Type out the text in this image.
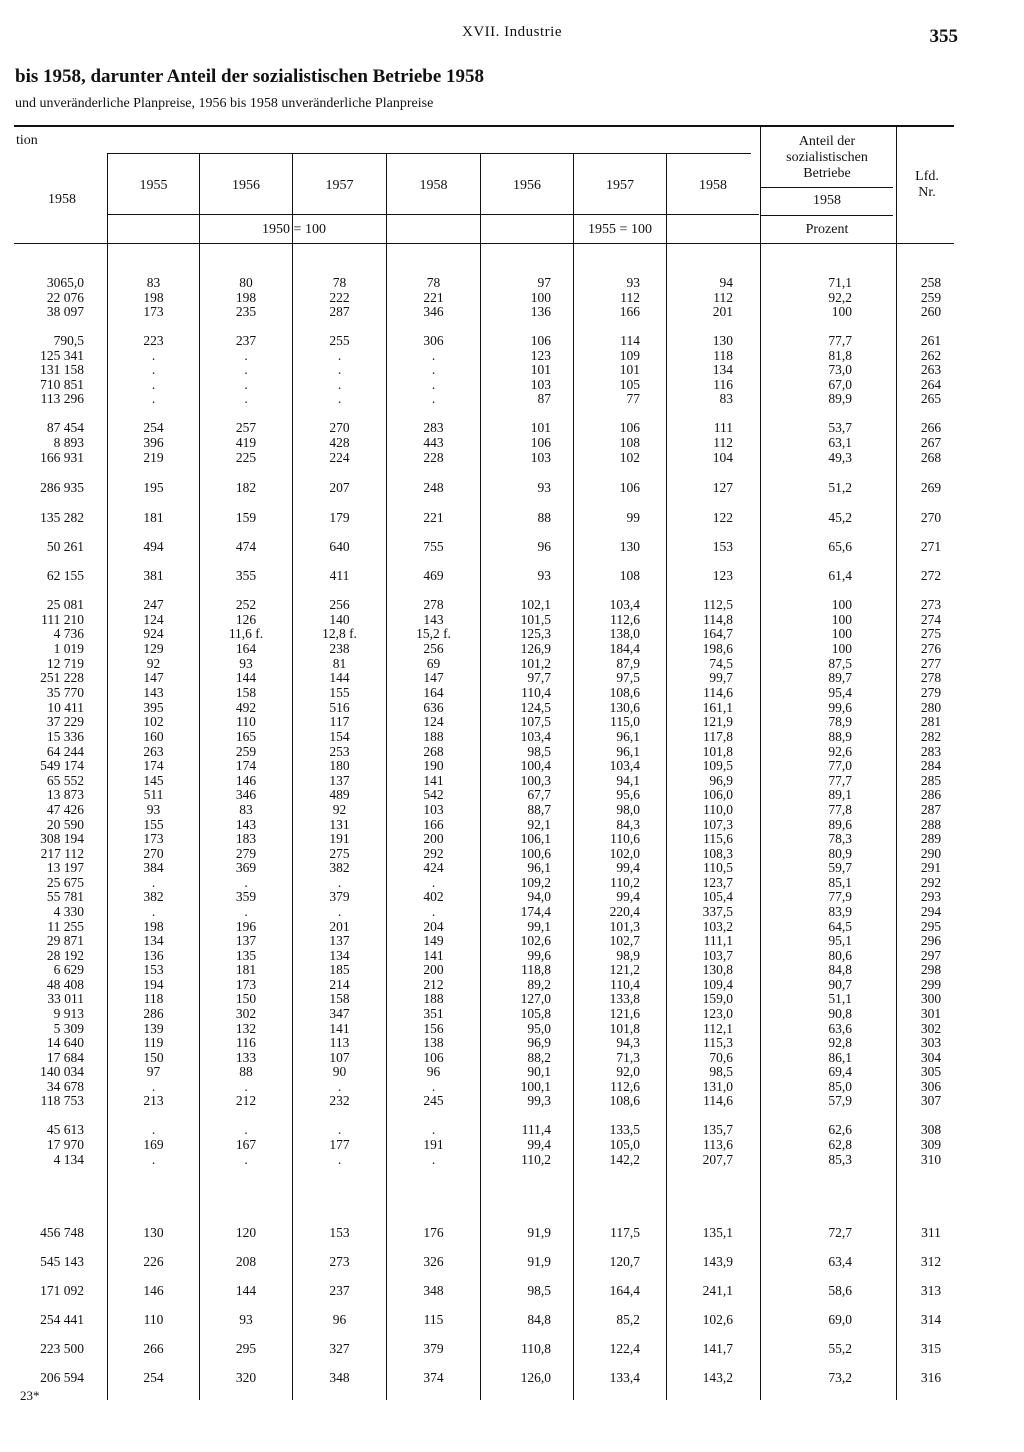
XVII. Industrie	355
bis 1958, darunter Anteil der sozialistischen Betriebe 1958
und unveränderliche Planpreise, 1956 bis 1958 unveränderliche Planpreise
tion
1958
1955	1956	1957	1958	1956	1957	1958
1950 = 100	1955 = 100
Anteil der sozialistischen Betriebe
1958
Prozent
Lfd. Nr.
3065,0	83	80	78	78	97	93	94	71,1	258
22 076	198	198	222	221	100	112	112	92,2	259
38 097	173	235	287	346	136	166	201	100	260
790,5	223	237	255	306	106	114	130	77,7	261
125 341	.	.	.	.	123	109	118	81,8	262
131 158	.	.	.	.	101	101	134	73,0	263
710 851	.	.	.	.	103	105	116	67,0	264
113 296	.	.	.	.	87	77	83	89,9	265
87 454	254	257	270	283	101	106	111	53,7	266
8 893	396	419	428	443	106	108	112	63,1	267
166 931	219	225	224	228	103	102	104	49,3	268
286 935	195	182	207	248	93	106	127	51,2	269
135 282	181	159	179	221	88	99	122	45,2	270
50 261	494	474	640	755	96	130	153	65,6	271
62 155	381	355	411	469	93	108	123	61,4	272
25 081	247	252	256	278	102,1	103,4	112,5	100	273
111 210	124	126	140	143	101,5	112,6	114,8	100	274
4 736	924	11,6 f.	12,8 f.	15,2 f.	125,3	138,0	164,7	100	275
1 019	129	164	238	256	126,9	184,4	198,6	100	276
12 719	92	93	81	69	101,2	87,9	74,5	87,5	277
251 228	147	144	144	147	97,7	97,5	99,7	89,7	278
35 770	143	158	155	164	110,4	108,6	114,6	95,4	279
10 411	395	492	516	636	124,5	130,6	161,1	99,6	280
37 229	102	110	117	124	107,5	115,0	121,9	78,9	281
15 336	160	165	154	188	103,4	96,1	117,8	88,9	282
64 244	263	259	253	268	98,5	96,1	101,8	92,6	283
549 174	174	174	180	190	100,4	103,4	109,5	77,0	284
65 552	145	146	137	141	100,3	94,1	96,9	77,7	285
13 873	511	346	489	542	67,7	95,6	106,0	89,1	286
47 426	93	83	92	103	88,7	98,0	110,0	77,8	287
20 590	155	143	131	166	92,1	84,3	107,3	89,6	288
308 194	173	183	191	200	106,1	110,6	115,6	78,3	289
217 112	270	279	275	292	100,6	102,0	108,3	80,9	290
13 197	384	369	382	424	96,1	99,4	110,5	59,7	291
25 675	.	.	.	.	109,2	110,2	123,7	85,1	292
55 781	382	359	379	402	94,0	99,4	105,4	77,9	293
4 330	.	.	.	.	174,4	220,4	337,5	83,9	294
11 255	198	196	201	204	99,1	101,3	103,2	64,5	295
29 871	134	137	137	149	102,6	102,7	111,1	95,1	296
28 192	136	135	134	141	99,6	98,9	103,7	80,6	297
6 629	153	181	185	200	118,8	121,2	130,8	84,8	298
48 408	194	173	214	212	89,2	110,4	109,4	90,7	299
33 011	118	150	158	188	127,0	133,8	159,0	51,1	300
9 913	286	302	347	351	105,8	121,6	123,0	90,8	301
5 309	139	132	141	156	95,0	101,8	112,1	63,6	302
14 640	119	116	113	138	96,9	94,3	115,3	92,8	303
17 684	150	133	107	106	88,2	71,3	70,6	86,1	304
140 034	97	88	90	96	90,1	92,0	98,5	69,4	305
34 678	.	.	.	.	100,1	112,6	131,0	85,0	306
118 753	213	212	232	245	99,3	108,6	114,6	57,9	307
45 613	.	.	.	.	111,4	133,5	135,7	62,6	308
17 970	169	167	177	191	99,4	105,0	113,6	62,8	309
4 134	.	.	.	.	110,2	142,2	207,7	85,3	310
456 748	130	120	153	176	91,9	117,5	135,1	72,7	311
545 143	226	208	273	326	91,9	120,7	143,9	63,4	312
171 092	146	144	237	348	98,5	164,4	241,1	58,6	313
254 441	110	93	96	115	84,8	85,2	102,6	69,0	314
223 500	266	295	327	379	110,8	122,4	141,7	55,2	315
206 594	254	320	348	374	126,0	133,4	143,2	73,2	316
23*
